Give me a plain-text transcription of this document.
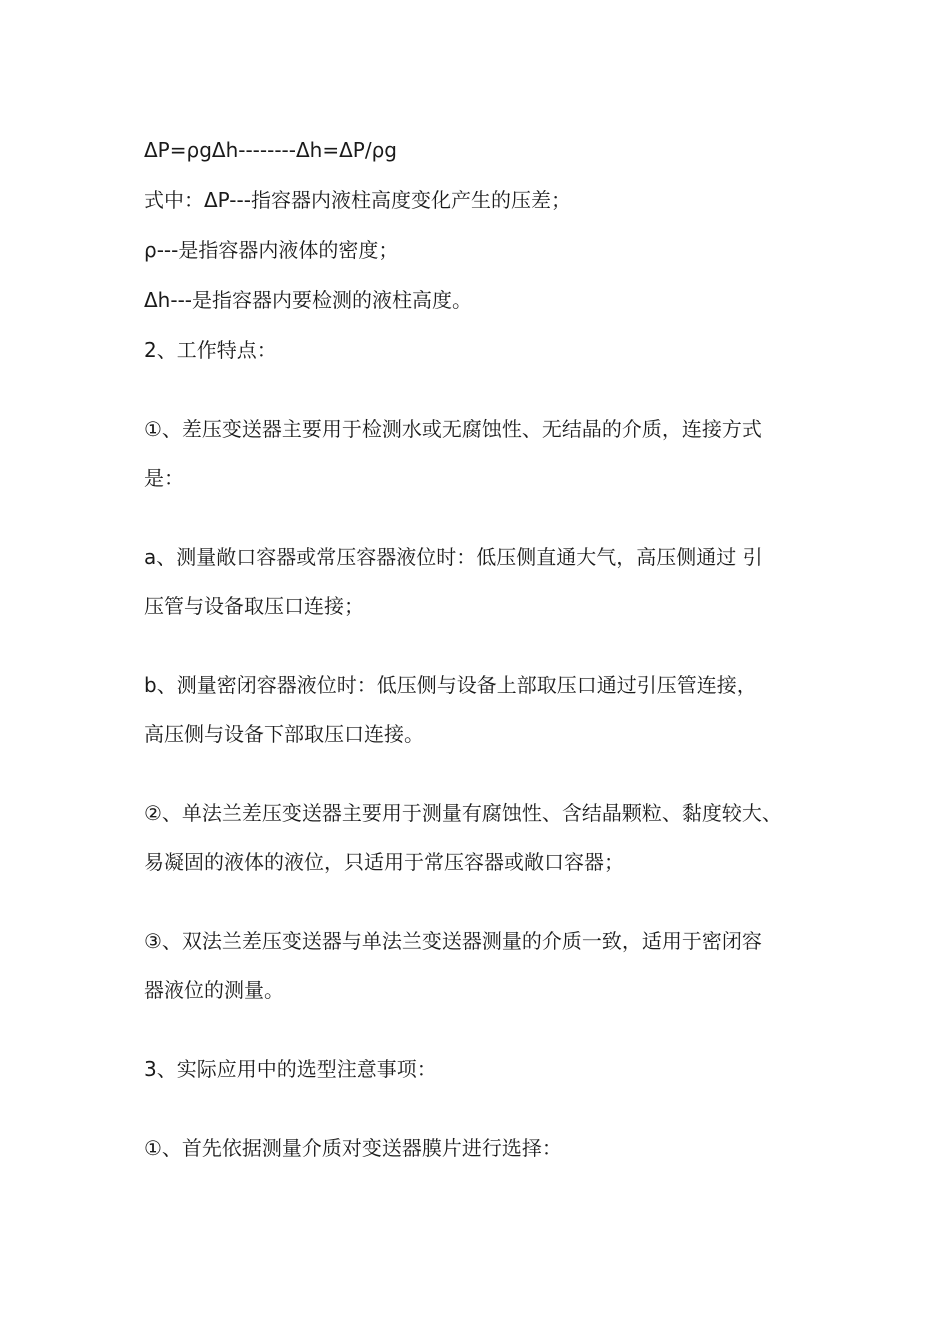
ΔP=ρgΔh--------Δh=ΔP/ρg

式中：ΔP---指容器内液柱高度变化产生的压差；

ρ---是指容器内液体的密度；

Δh---是指容器内要检测的液柱高度。

2、工作特点：

①、差压变送器主要用于检测水或无腐蚀性、无结晶的介质，连接方式

是：

a、测量敞口容器或常压容器液位时：低压侧直通大气，高压侧通过 引

压管与设备取压口连接；

b、测量密闭容器液位时：低压侧与设备上部取压口通过引压管连接，

高压侧与设备下部取压口连接。

②、单法兰差压变送器主要用于测量有腐蚀性、含结晶颗粒、黏度较大、

易凝固的液体的液位，只适用于常压容器或敞口容器；

③、双法兰差压变送器与单法兰变送器测量的介质一致，适用于密闭容

器液位的测量。

3、实际应用中的选型注意事项：

①、首先依据测量介质对变送器膜片进行选择：
